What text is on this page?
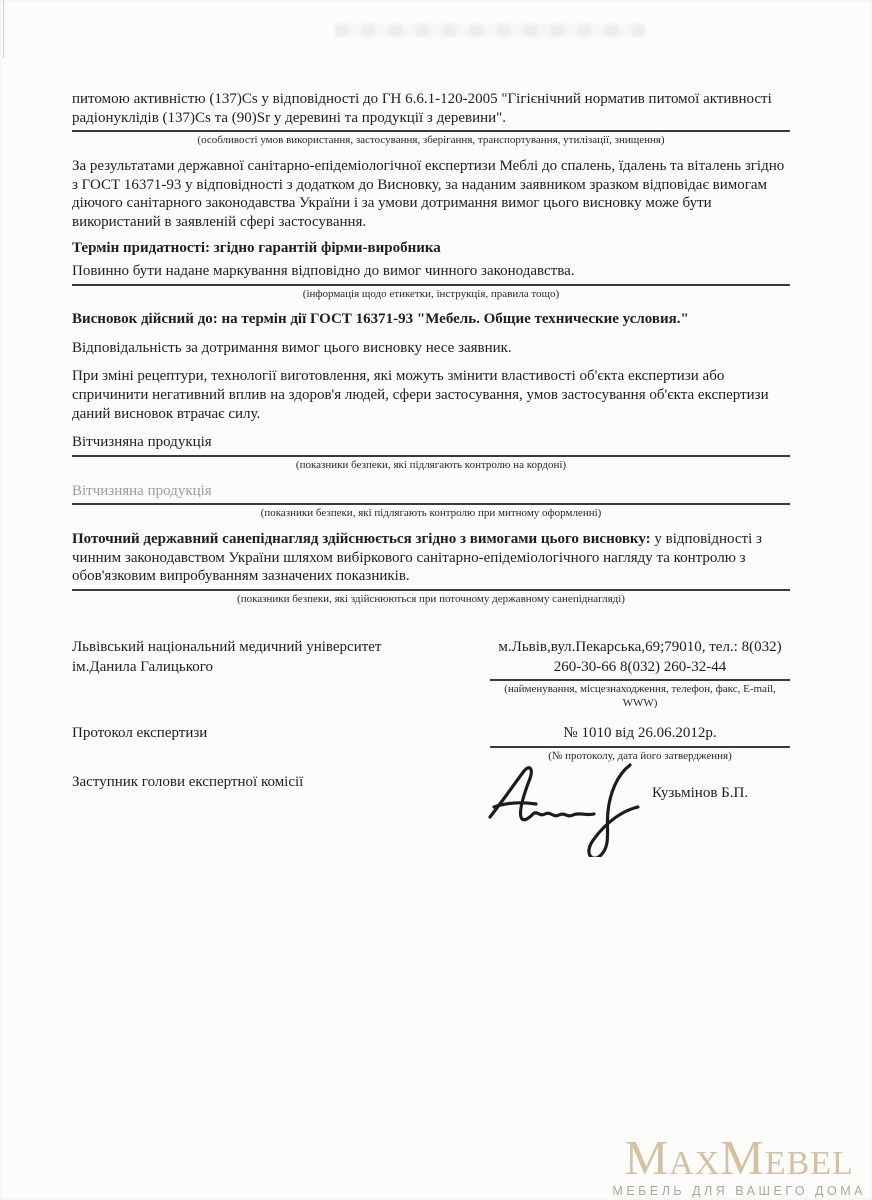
питомою активністю (137)Cs у відповідності до ГН 6.6.1-120-2005 "Гігієнічний норматив питомої активності радіонуклідів (137)Cs та (90)Sr у деревині та продукції з деревини".

(особливості умов використання, застосування, зберігання, транспортування, утилізації, знищення)

За результатами державної санітарно-епідеміологічної експертизи Меблі до спалень, їдалень та віталень згідно з ГОСТ 16371-93 у відповідності з додатком до Висновку, за наданим заявником зразком відповідає вимогам діючого санітарного законодавства України і за умови дотримання вимог цього висновку може бути використаний в заявленій сфері застосування.

Термін придатності: згідно гарантій фірми-виробника

Повинно бути надане маркування відповідно до вимог чинного законодавства.

(інформація щодо етикетки, інструкція, правила тощо)

Висновок дійсний до: на термін дії ГОСТ 16371-93 "Мебель. Общие технические условия."

Відповідальність за дотримання вимог цього висновку несе заявник.

При зміні рецептури, технології виготовлення, які можуть змінити властивості об'єкта експертизи або спричинити негативний вплив на здоров'я людей, сфери застосування, умов застосування об'єкта експертизи даний висновок втрачає силу.

Вітчизняна продукція

(показники безпеки, які підлягають контролю на кордоні)

Вітчизняна продукція

(показники безпеки, які підлягають контролю при митному оформленні)

Поточний державний санепіднагляд здійснюється згідно з вимогами цього висновку: у відповідності з чинним законодавством України шляхом вибіркового санітарно-епідеміологічного нагляду та контролю з обов'язковим випробуванням зазначених показників.

(показники безпеки, які здійснюються при поточному державному санепіднагляді)
Львівський національний медичний університет ім.Данила Галицького
м.Львів,вул.Пекарська,69;79010, тел.: 8(032)
260-30-66 8(032) 260-32-44
(найменування, місцезнаходження, телефон, факс, E-mail, WWW)
Протокол експертизи	№ 1010 від 26.06.2012р.
(№ протоколу, дата його затвердження)
Заступник голови експертної комісії
Кузьмінов Б.П.
MaxMebel
МЕБЕЛЬ ДЛЯ ВАШЕГО ДОМА
